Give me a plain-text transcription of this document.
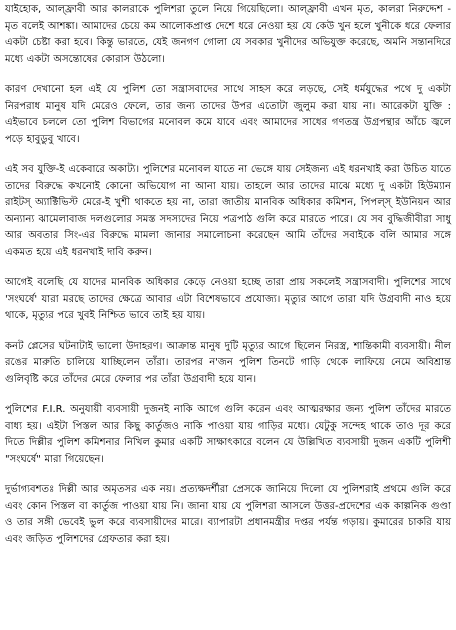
যাইহোক, আল্ফ্রাবী আর কালরাকে পুলিশরা তুলে নিয়ে গিয়েছিলো। আল্ফ্রাবী এখন মৃত, কালরা নিরুদ্দেশ - মৃত বলেই আশঙ্কা। আমাদের চেয়ে কম আলোকপ্রাপ্ত দেশে ধরে নেওয়া হয় যে কেউ খুন হলে খুনীকে ধরে ফেলার একটা চেষ্টা করা হবে। কিন্তু ভারতে, যেই জনগণ গোলা যে সবকার খুনীদের অভিযুক্ত করেছে, অমনি সন্তানদিরে মধ্যে একটা অসন্তোষের কোরাস উঠলো।

কারণ দেখানো হল এই যে পুলিশ তো সন্ত্রাসবাদের সাথে সাহস করে লড়ছে, সেই ধর্মযুদ্ধের পথে দু একটা নিরপরাধ মানুষ যদি মেরেও ফেলে, তার জন্য তাদের উপর এতোটা জুলুম করা যায় না। আরেকটা যুক্তি : এইভাবে চললে তো পুলিশ বিভাগের মনোবল কমে যাবে এবং আমাদের সাধের গণতন্ত্র উগ্রপন্থার আঁচে জ্বলে পড়ে হাবুডুবু খাবে।

এই সব যুক্তি-ই একেবারে অকাট্য। পুলিশের মনোবল যাতে না ভেঙ্গে যায় সেইজন্য এই ধরনখাই করা উচিত যাতে তাদের বিরুদ্ধে কখনোই কোনো অভিযোগ না আনা যায়। তাহলে আর তাদের মাঝে মধ্যে দু একটা হিউম্যান রাইটস্ অ্যাক্টিভিস্ট মেরে-ই খুশী থাকতে হয় না, তারা জাতীয় মানবিক অধিকার কমিশন, পিপল্‌স্ ইউনিয়ন আর অন্যান্য ঝামেলাবাজ দলগুলোর সমস্ত সদস্যদের নিয়ে পত্রপাঠ গুলি করে মারতে পারে। যে সব বুদ্ধিজীবীরা সাধু আর অবতার সিং-এর বিরুদ্ধে মামলা জানার সমালোচনা করেছেন আমি তাঁদের সবাইকে বলি আমার সঙ্গে একমত হয়ে এই ধরনখাই দাবি করুন।

আগেই বলেছি যে যাদের মানবিক অধিকার কেড়ে নেওয়া হচ্ছে তারা প্রায় সকলেই সন্ত্রাসবাদী। পুলিশের সাথে 'সংঘর্ষে' যারা মরছে তাদের ক্ষেত্রে আবার এটা বিশেষভাবে প্রযোজ্য। মৃত্যুর আগে তারা যদি উগ্রবাদী নাও হয়ে থাকে, মৃত্যুর পরে খুবই নিশ্চিত ভাবে তাই হয় যায়।

কনট প্লেসের ঘটনাটাই ভালো উদাহরণ। আক্রান্ত মানুষ দুটি মৃত্যুর আগে ছিলেন নিরস্ত্র, শান্তিকামী ব্যবসায়ী। নীল রঙের মারুতি চালিয়ে যাচ্ছিলেন তাঁরা। তারপর ন'জন পুলিশ তিনটে গাড়ি থেকে লাফিয়ে নেমে অবিশ্রান্ত গুলিবৃষ্টি করে তাঁদের মেরে ফেলার পর তাঁরা উগ্রবাদী হয়ে যান।

পুলিশের F.I.R. অনুযায়ী ব্যবসায়ী দুজনই নাকি আগে গুলি করেন এবং আত্মরক্ষার জন্য পুলিশ তাঁদের মারতে বাধ্য হয়। এইটা পিস্তল আর কিছু কার্তুজও নাকি পাওয়া যায় গাড়ির মধ্যে। যেটুকু সন্দেহ থাকে তাও দূর করে দিতে দিল্লীর পুলিশ কমিশনার নিখিল কুমার একটি সাক্ষাৎকারে বলেন যে উল্লিখিত ব্যবসায়ী দুজন একটি পুলিশী "সংঘর্ষে" মারা গিয়েছেন।

দুর্ভাগ্যবশতঃ দিল্লী আর অমৃতসর এক নয়। প্রত্যক্ষদর্শীরা প্রেসকে জানিয়ে দিলো যে পুলিশরাই প্রথমে গুলি করে এবং কোন পিস্তল বা কার্তুজ পাওয়া যায় নি। জানা যায় যে পুলিশরা আসলে উত্তর-প্রদেশের এক কাল্পনিক গুণ্ডা ও তার সঙ্গী ভেবেই ভুল করে ব্যবসায়ীদের মারে। ব্যাপারটা প্রধানমন্ত্রীর দপ্তর পর্যন্ত গড়ায়। কুমারের চাকরি যায় এবং জড়িত পুলিশদের গ্রেফতার করা হয়।
